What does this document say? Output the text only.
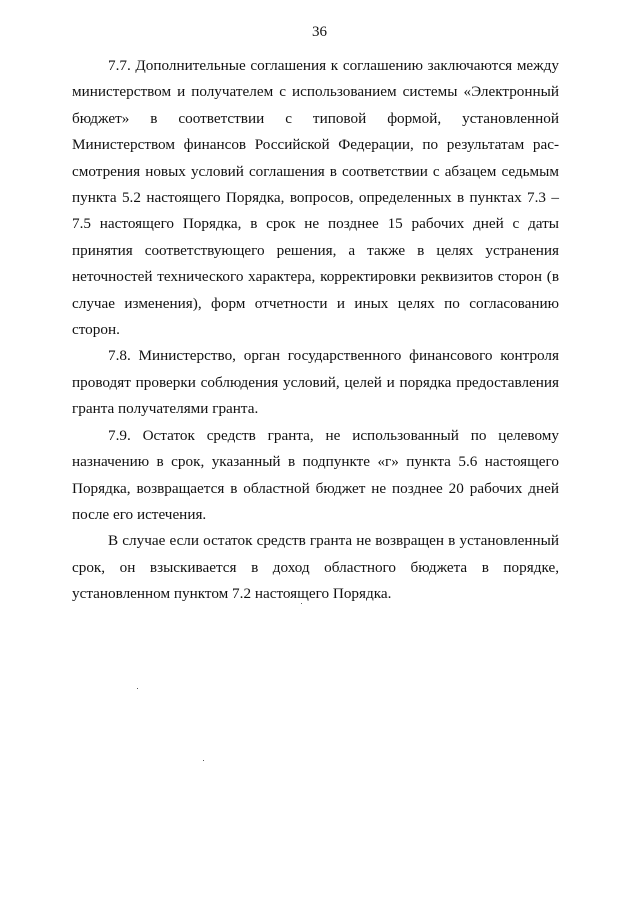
36

7.7. Дополнительные соглашения к соглашению заключаются между министерством и получателем с использованием системы «Электронный бюджет» в соответствии с типовой формой, установленной Министерством финансов Российской Федерации, по результатам рассмотрения новых условий соглашения в соответствии с абзацем седьмым пункта 5.2 настоящего Порядка, вопросов, определенных в пунктах 7.3 – 7.5 настоящего Порядка, в срок не позднее 15 рабочих дней с даты принятия соответствующего решения, а также в целях устранения неточностей технического характера, корректировки реквизитов сторон (в случае изменения), форм отчетности и иных целях по согласованию сторон.

7.8. Министерство, орган государственного финансового контроля проводят проверки соблюдения условий, целей и порядка предоставления гранта получателями гранта.

7.9. Остаток средств гранта, не использованный по целевому назначению в срок, указанный в подпункте «г» пункта 5.6 настоящего Порядка, возвращается в областной бюджет не позднее 20 рабочих дней после его истечения.

В случае если остаток средств гранта не возвращен в установленный срок, он взыскивается в доход областного бюджета в порядке, установленном пунктом 7.2 настоящего Порядка.
